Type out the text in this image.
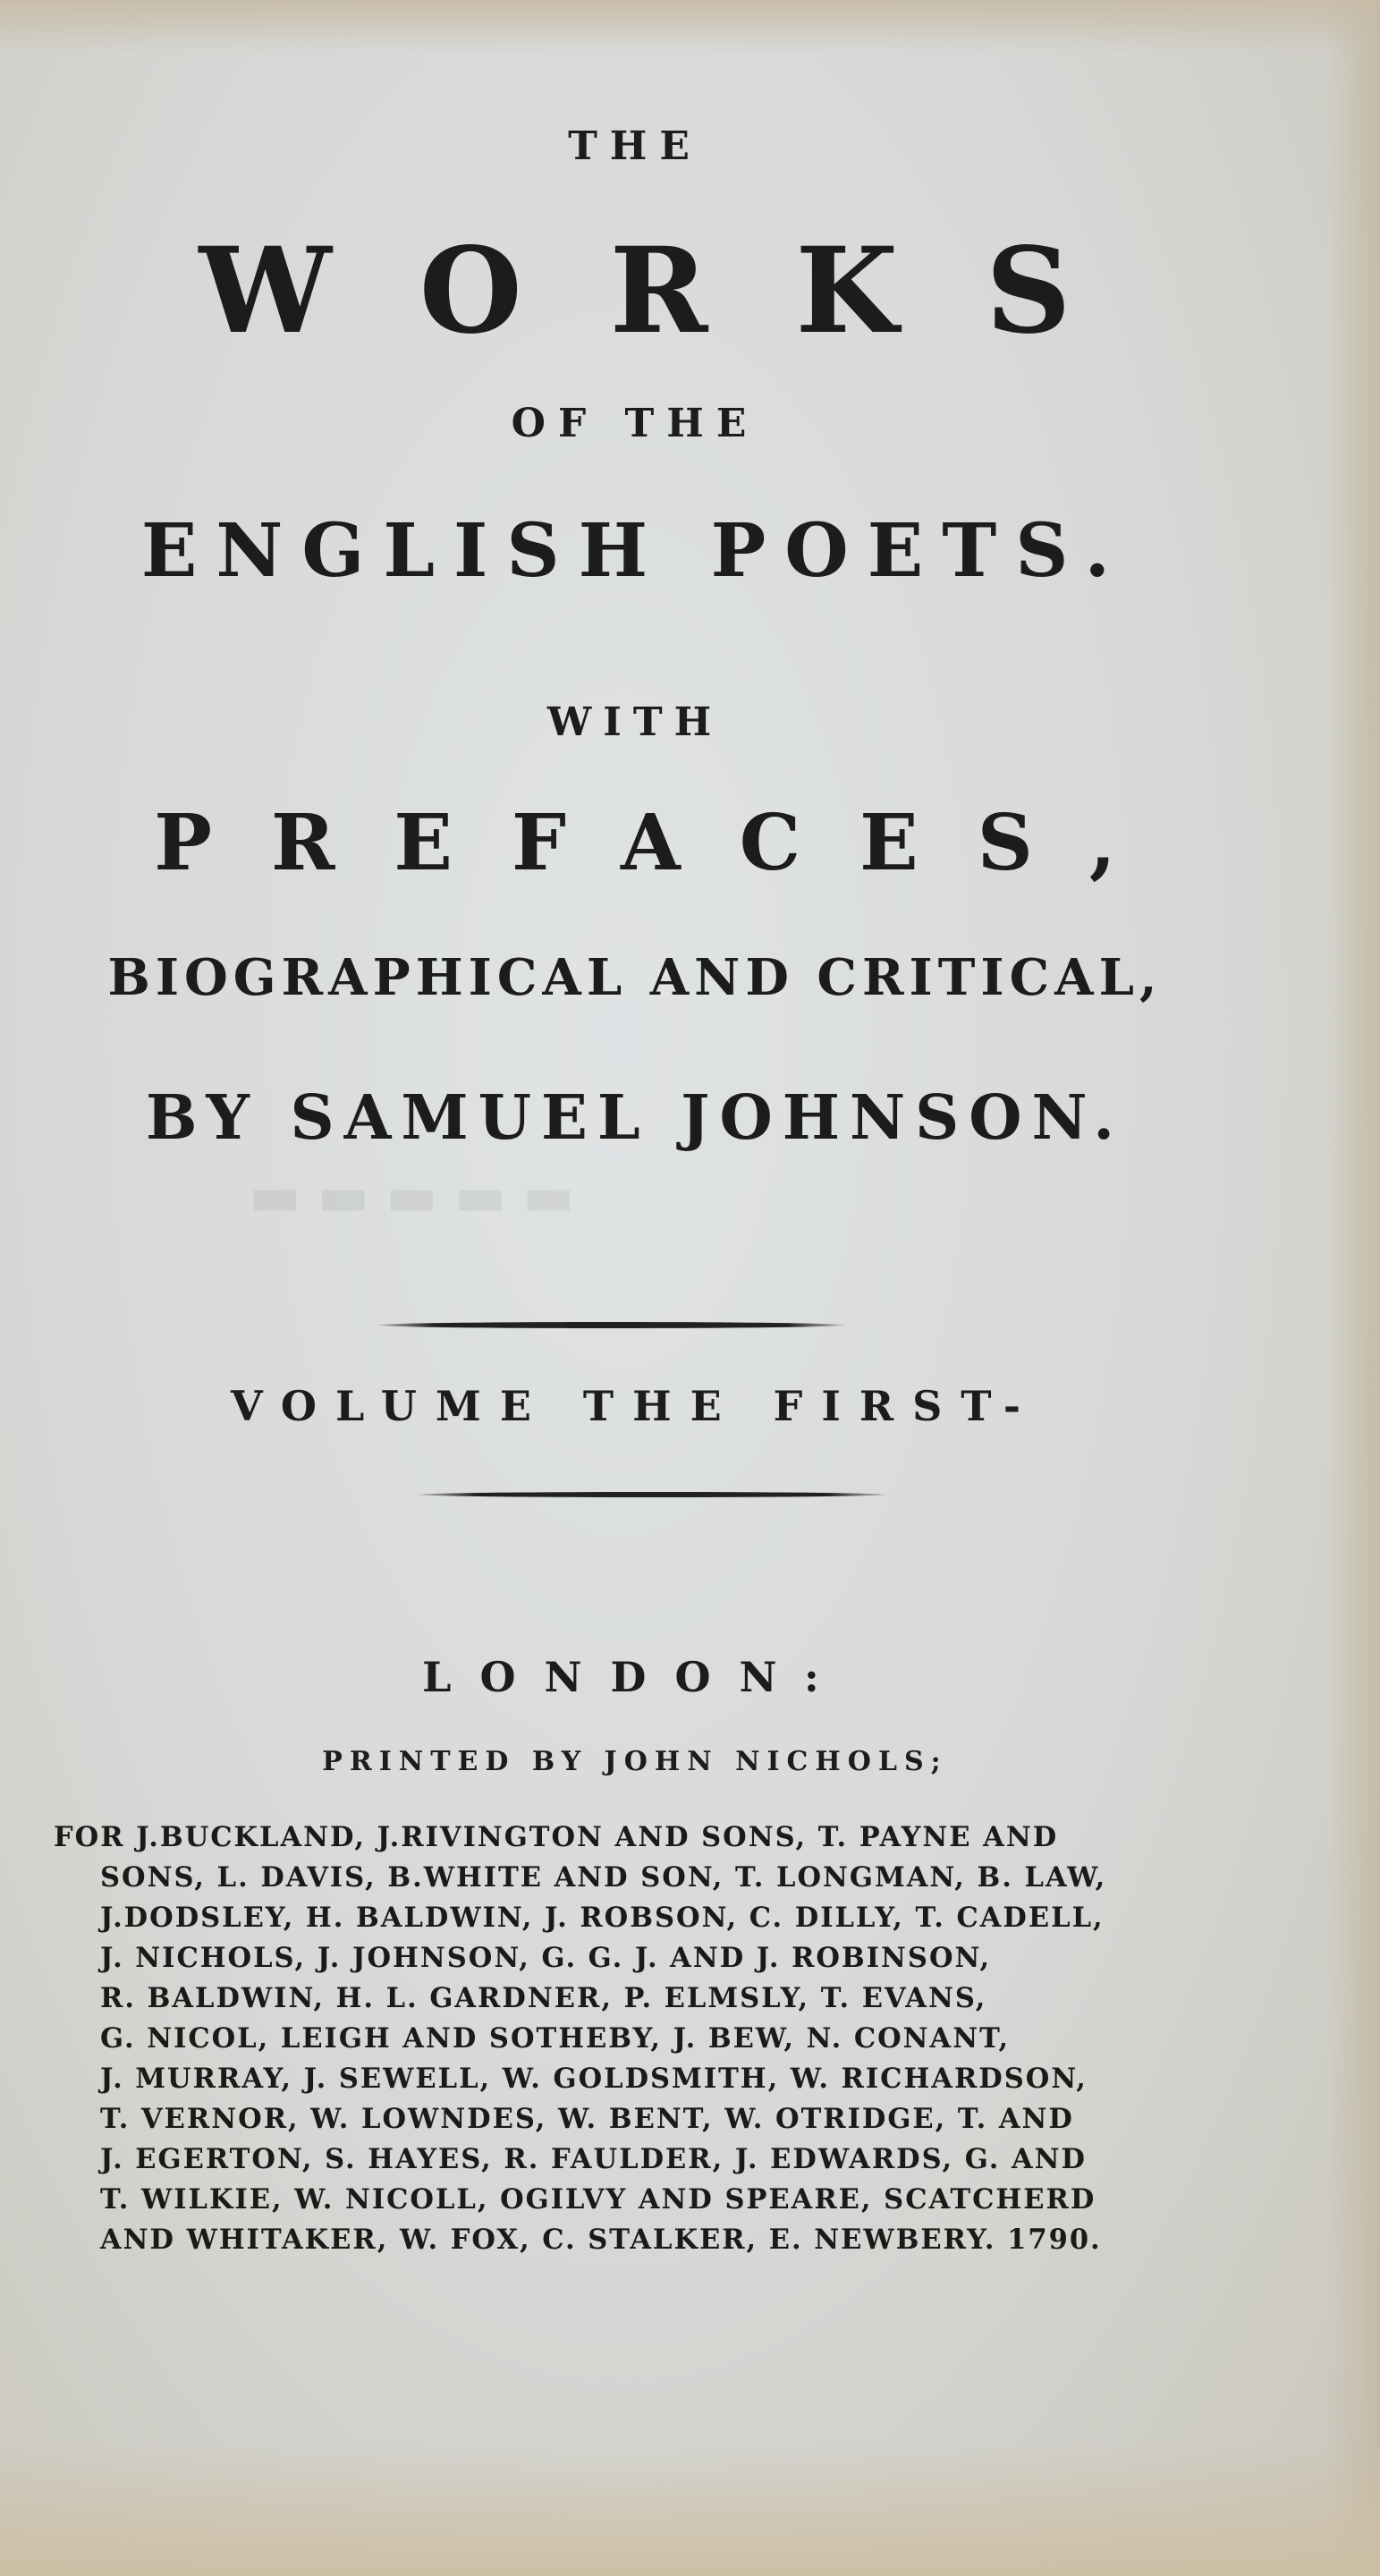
▬▬▬▬▬
THE
WORKS
OF THE
ENGLISH POETS.
WITH
PREFACES,
BIOGRAPHICAL AND CRITICAL,
BY SAMUEL JOHNSON.
VOLUME THE FIRST-
LONDON:
PRINTED BY JOHN NICHOLS;
FOR J.BUCKLAND, J.RIVINGTON AND SONS, T. PAYNE AND
SONS, L. DAVIS, B.WHITE AND SON, T. LONGMAN, B. LAW,
J.DODSLEY, H. BALDWIN, J. ROBSON, C. DILLY, T. CADELL,
J. NICHOLS, J. JOHNSON, G. G. J. AND J. ROBINSON,
R. BALDWIN, H. L. GARDNER, P. ELMSLY, T. EVANS,
G. NICOL, LEIGH AND SOTHEBY, J. BEW, N. CONANT,
J. MURRAY, J. SEWELL, W. GOLDSMITH, W. RICHARDSON,
T. VERNOR, W. LOWNDES, W. BENT, W. OTRIDGE, T. AND
J. EGERTON, S. HAYES, R. FAULDER, J. EDWARDS, G. AND
T. WILKIE, W. NICOLL, OGILVY AND SPEARE, SCATCHERD
AND WHITAKER, W. FOX, C. STALKER, E. NEWBERY. 1790.
